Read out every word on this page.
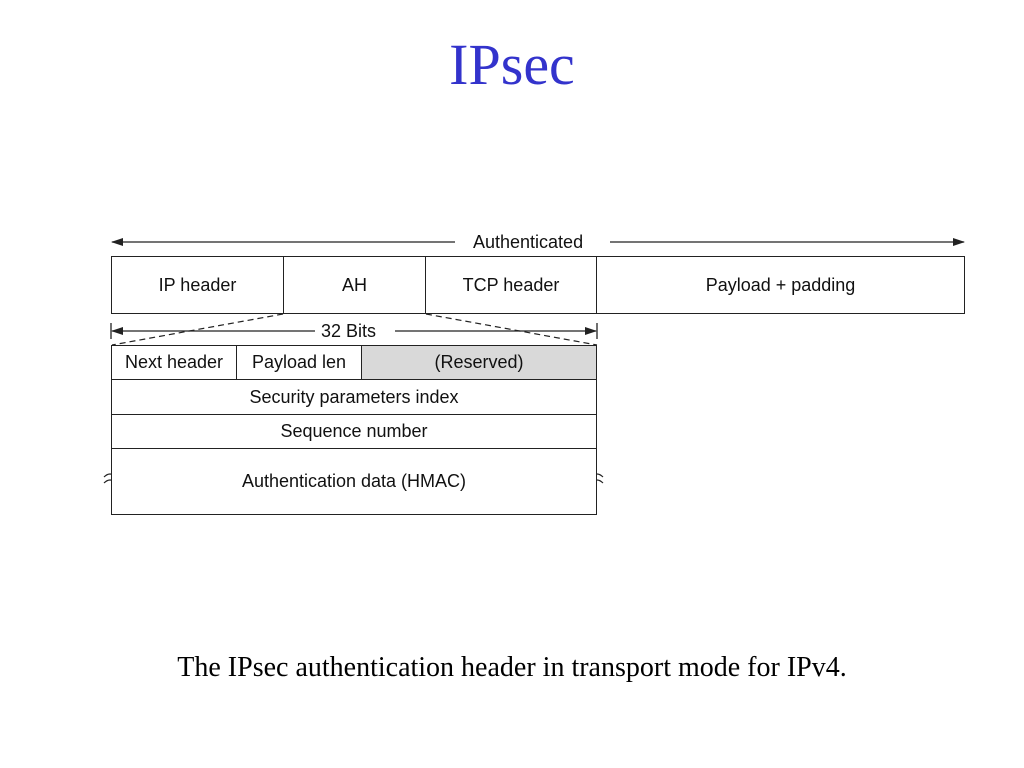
IPsec
Authenticated
IP header	AH	TCP header	Payload + padding
32 Bits
Next header	Payload len	(Reserved)
Security parameters index
Sequence number
Authentication data (HMAC)
The IPsec authentication header in transport mode for IPv4.
